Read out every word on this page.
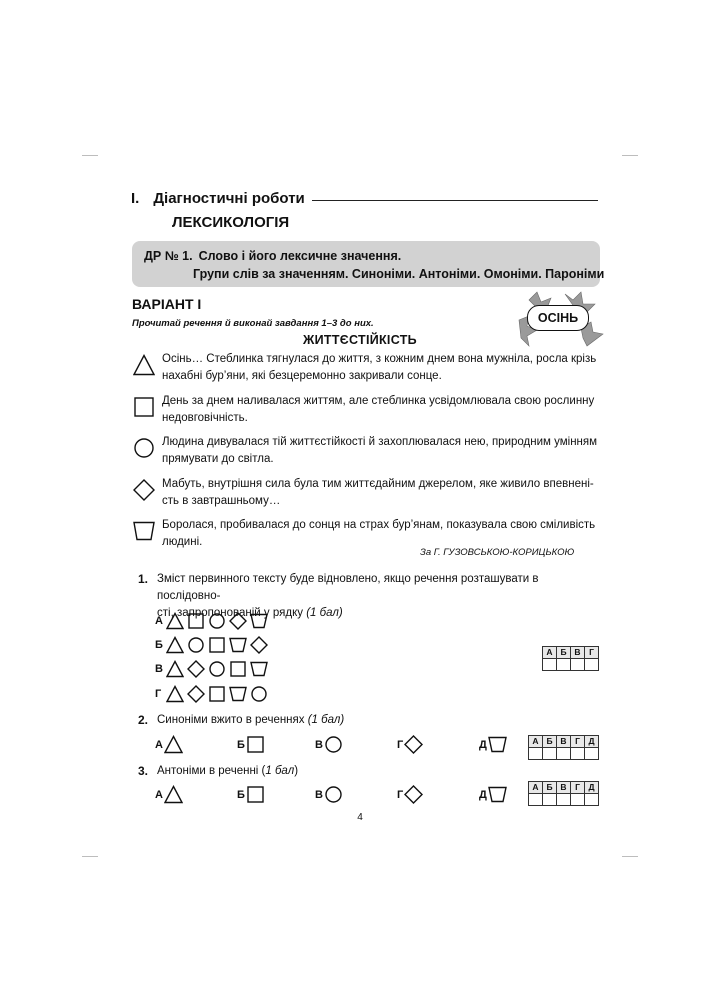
I. Діагностичні роботи
ЛЕКСИКОЛОГІЯ
ДР № 1. Слово і його лексичне значення.
Групи слів за значенням. Синоніми. Антоніми. Омоніми. Пароніми
ВАРІАНТ І
Прочитай речення й виконай завдання 1–3 до них.	ОСІНЬ
ЖИТТЄСТІЙКІСТЬ
Осінь… Стеблинка тягнулася до життя, з кожним днем вона мужніла, росла крізь
нахабні бур’яни, які безцеремонно закривали сонце.
День за днем наливалася життям, але стеблинка усвідомлювала свою рослинну
недовговічність.
Людина дивувалася тій життєстійкості й захоплювалася нею, природним умінням
прямувати до світла.
Мабуть, внутрішня сила була тим життєдайним джерелом, яке живило впевнені-
сть в завтрашньому…
Боролася, пробивалася до сонця на страх бур’янам, показувала свою сміливість
людині.
За Г. ГУЗОВСЬКОЮ-КОРИЦЬКОЮ
1. Зміст первинного тексту буде відновлено, якщо речення розташувати в послідовно-
сті, запропонованій у рядку (1 бал)
А
Б
В
Г
А	Б	В	Г

2. Синоніми вжито в реченнях (1 бал)
А	Б	В	Г	Д	А	Б	В	Г	Д

3. Антоніми в реченні (1 бал)
А	Б	В	Г	Д
А	Б	В	Г	Д

4
